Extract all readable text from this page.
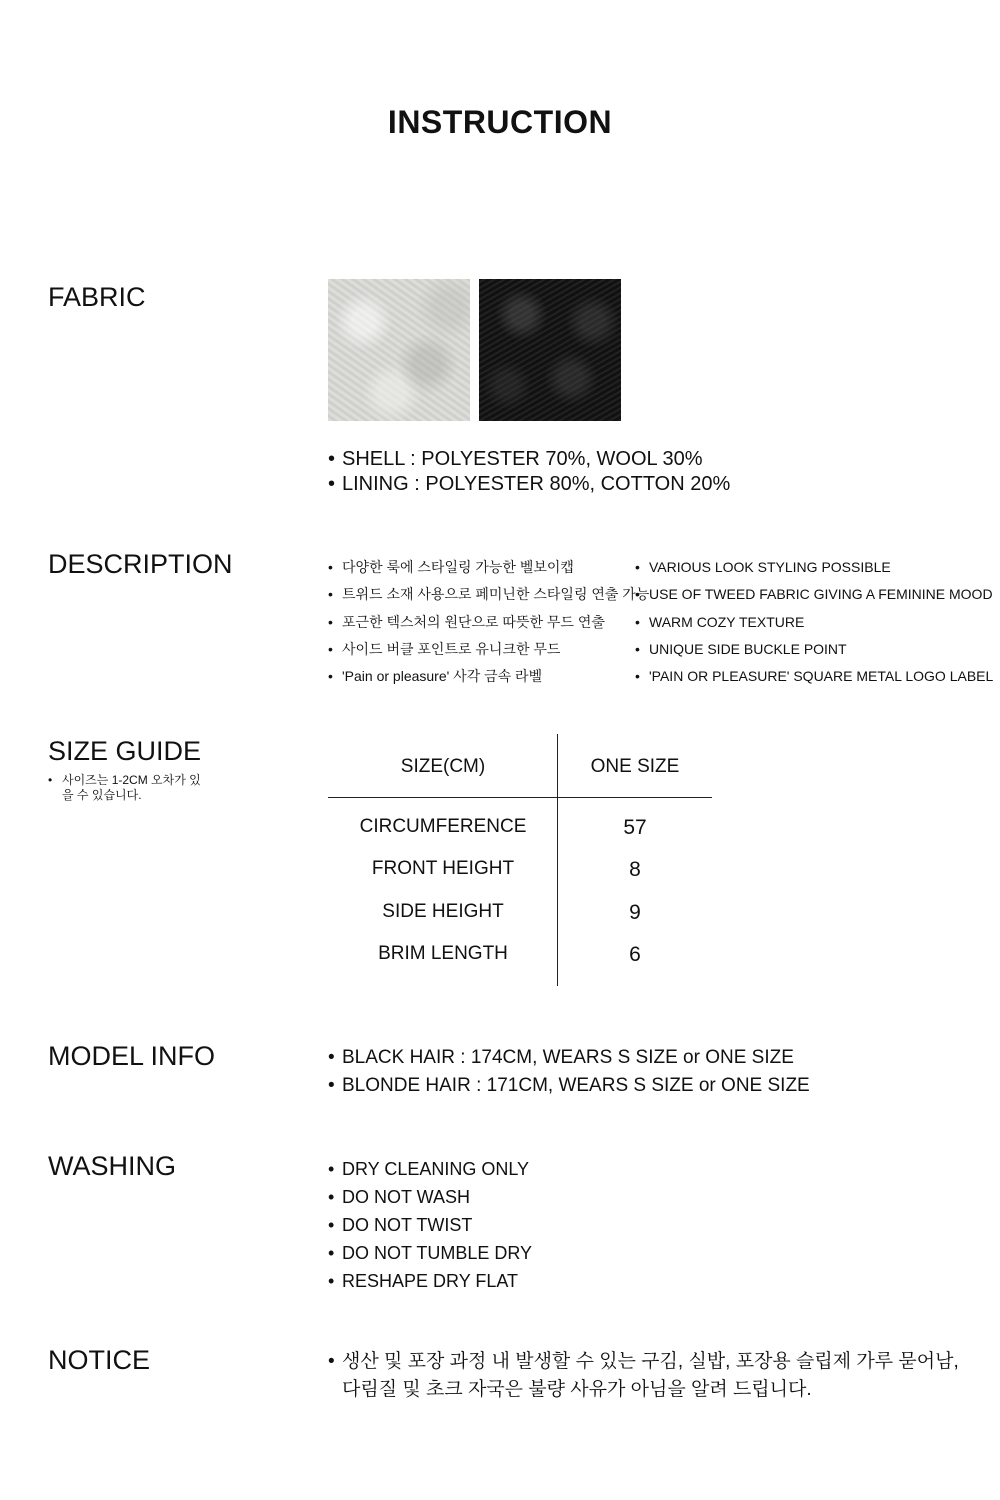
INSTRUCTION
FABRIC
• SHELL : POLYESTER 70%, WOOL 30%
• LINING : POLYESTER 80%, COTTON 20%
DESCRIPTION	• 다양한 룩에 스타일링 가능한 벨보이캡
• 트위드 소재 사용으로 페미닌한 스타일링 연출 가능
• 포근한 텍스처의 원단으로 따뜻한 무드 연출
• 사이드 버클 포인트로 유니크한 무드
• 'Pain or pleasure' 사각 금속 라벨
• VARIOUS LOOK STYLING POSSIBLE
• USE OF TWEED FABRIC GIVING A FEMININE MOOD
• WARM COZY TEXTURE
• UNIQUE SIDE BUCKLE POINT
• 'PAIN OR PLEASURE' SQUARE METAL LOGO LABEL
SIZE GUIDE
• 사이즈는 1-2CM 오차가 있을 수 있습니다.
SIZE(CM)	ONE SIZE
CIRCUMFERENCE	57
FRONT HEIGHT	8
SIDE HEIGHT	9
BRIM LENGTH	6
MODEL INFO	• BLACK HAIR : 174CM, WEARS S SIZE or ONE SIZE
• BLONDE HAIR : 171CM, WEARS S SIZE or ONE SIZE
WASHING	• DRY CLEANING ONLY
• DO NOT WASH
• DO NOT TWIST
• DO NOT TUMBLE DRY
• RESHAPE DRY FLAT
NOTICE	• 생산 및 포장 과정 내 발생할 수 있는 구김, 실밥, 포장용 슬립제 가루 묻어남, 다림질 및 초크 자국은 불량 사유가 아님을 알려 드립니다.
